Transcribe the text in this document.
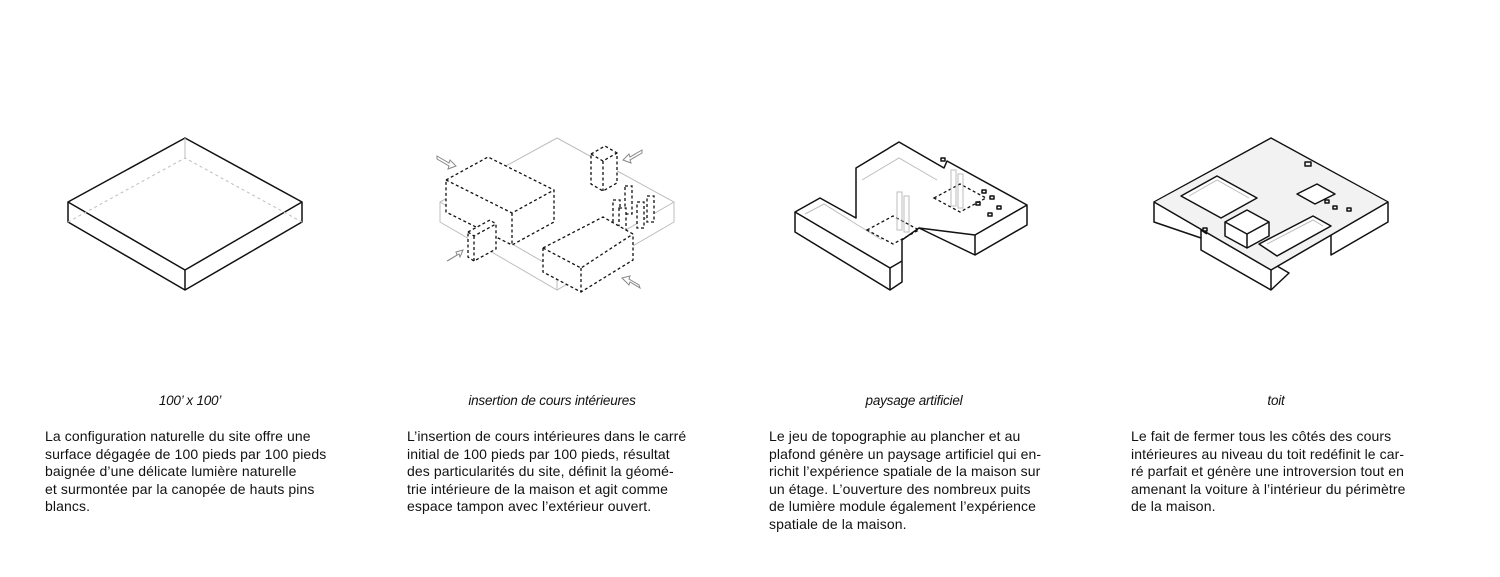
100’ x 100’
La configuration naturelle du site offre une
surface dégagée de 100 pieds par 100 pieds
baignée d’une délicate lumière naturelle
et surmontée par la canopée de hauts pins
blancs.
insertion de cours intérieures
L’insertion de cours intérieures dans le carré
initial de 100 pieds par 100 pieds, résultat
des particularités du site, définit la géomé-
trie intérieure de la maison et agit comme
espace tampon avec l’extérieur ouvert.
paysage artificiel
Le jeu de topographie au plancher et au
plafond génère un paysage artificiel qui en-
richit l’expérience spatiale de la maison sur
un étage. L’ouverture des nombreux puits
de lumière module également l’expérience
spatiale de la maison.
toit
Le fait de fermer tous les côtés des cours
intérieures au niveau du toit redéfinit le car-
ré parfait et génère une introversion tout en
amenant la voiture à l’intérieur du périmètre
de la maison.
